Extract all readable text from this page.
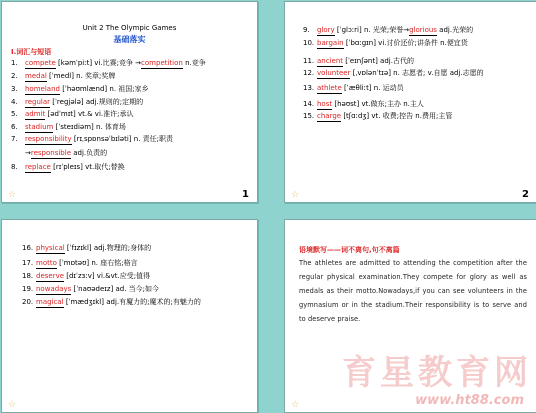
Unit 2 The Olympic Games
基础落实
Ⅰ.词汇与短语
1. compete [kəmˈpiːt] vi.比赛;竞争 →competition n.竞争
2. medal [ˈmedl] n. 奖章;奖牌
3. homeland [ˈhəʊmlænd] n. 祖国;家乡
4. regular [ˈregjələ] adj.规则的;定期的
5. admit [ədˈmɪt] vt.& vi.准许;承认
6. stadium [ˈsteɪdiəm] n. 体育场
7. responsibility [rɪˌspɒnsəˈbɪləti] n. 责任;职责
→responsible adj.负责的
8. replace [rɪˈpleɪs] vt.取代;替换
☆	1
9. glory [ˈglɔːri] n. 光荣;荣誉→glorious adj.光荣的
10. bargain [ˈbɑːgɪn] vi.讨价还价;讲条件 n.便宜货
11. ancient [ˈeɪnʃənt] adj.古代的
12. volunteer [ˌvɒlənˈtɪə] n. 志愿者; v.自愿 adj.志愿的
13. athlete [ˈæθliːt] n. 运动员
14. host [həʊst] vt.做东;主办 n.主人
15. charge [tʃɑːdʒ] vt. 收费;控告 n.费用;主管
☆	2
16. physical [ˈfɪzɪkl] adj.物理的;身体的
17. motto [ˈmɒtəʊ] n. 座右铭;格言
18. deserve [dɪˈzɜːv] vi.&vt.应受;值得
19. nowadays [ˈnaʊədeɪz] ad. 当今;如今
20. magical [ˈmædʒɪkl] adj.有魔力的;魔术的;有魅力的
☆
语境默写——词不离句,句不离篇
The athletes are admitted to attending the competition after the regular physical examination.They compete for glory as well as medals as their motto.Nowadays,if you can see volunteers in the gymnasium or in the stadium.Their responsibility is to serve and to deserve praise.
☆
育星教育网
www.ht88.com
